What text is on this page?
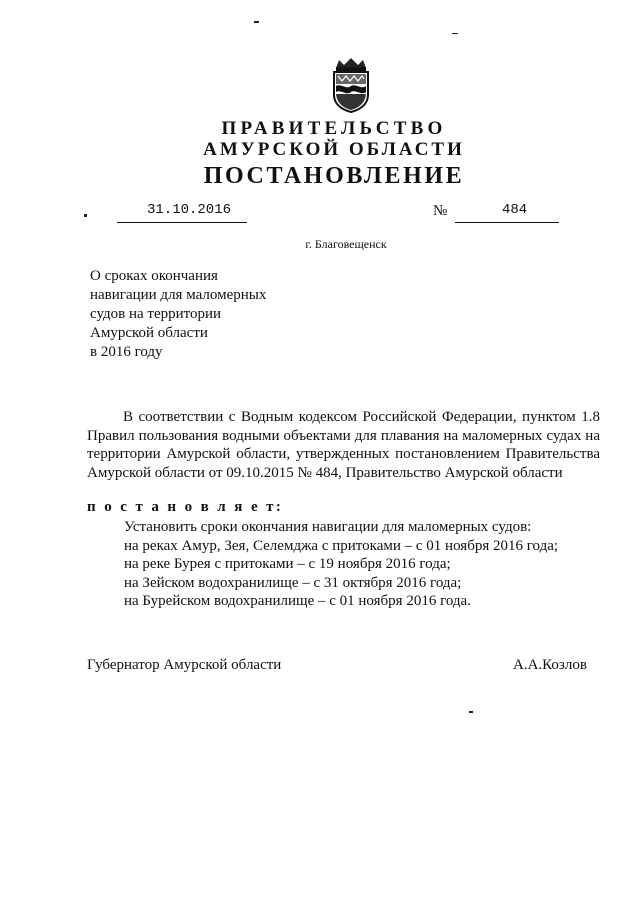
ПРАВИТЕЛЬСТВО
АМУРСКОЙ ОБЛАСТИ
ПОСТАНОВЛЕНИЕ
31.10.2016	№	484
г. Благовещенск
О сроках окончания
навигации для маломерных
судов на территории
Амурской области
в 2016 году
В соответствии с Водным кодексом Российской Федерации, пунктом 1.8 Правил пользования водными объектами для плавания на маломерных судах на территории Амурской области, утвержденных постановлением Правительства Амурской области от 09.10.2015 № 484, Правительство Амурской области
п о с т а н о в л я е т:
Установить сроки окончания навигации для маломерных судов:
на реках Амур, Зея, Селемджа с притоками – с 01 ноября 2016 года;
на реке Бурея с притоками – с 19 ноября 2016 года;
на Зейском водохранилище – с 31 октября 2016 года;
на Бурейском водохранилище – с 01 ноября 2016 года.
Губернатор Амурской области	А.А.Козлов
